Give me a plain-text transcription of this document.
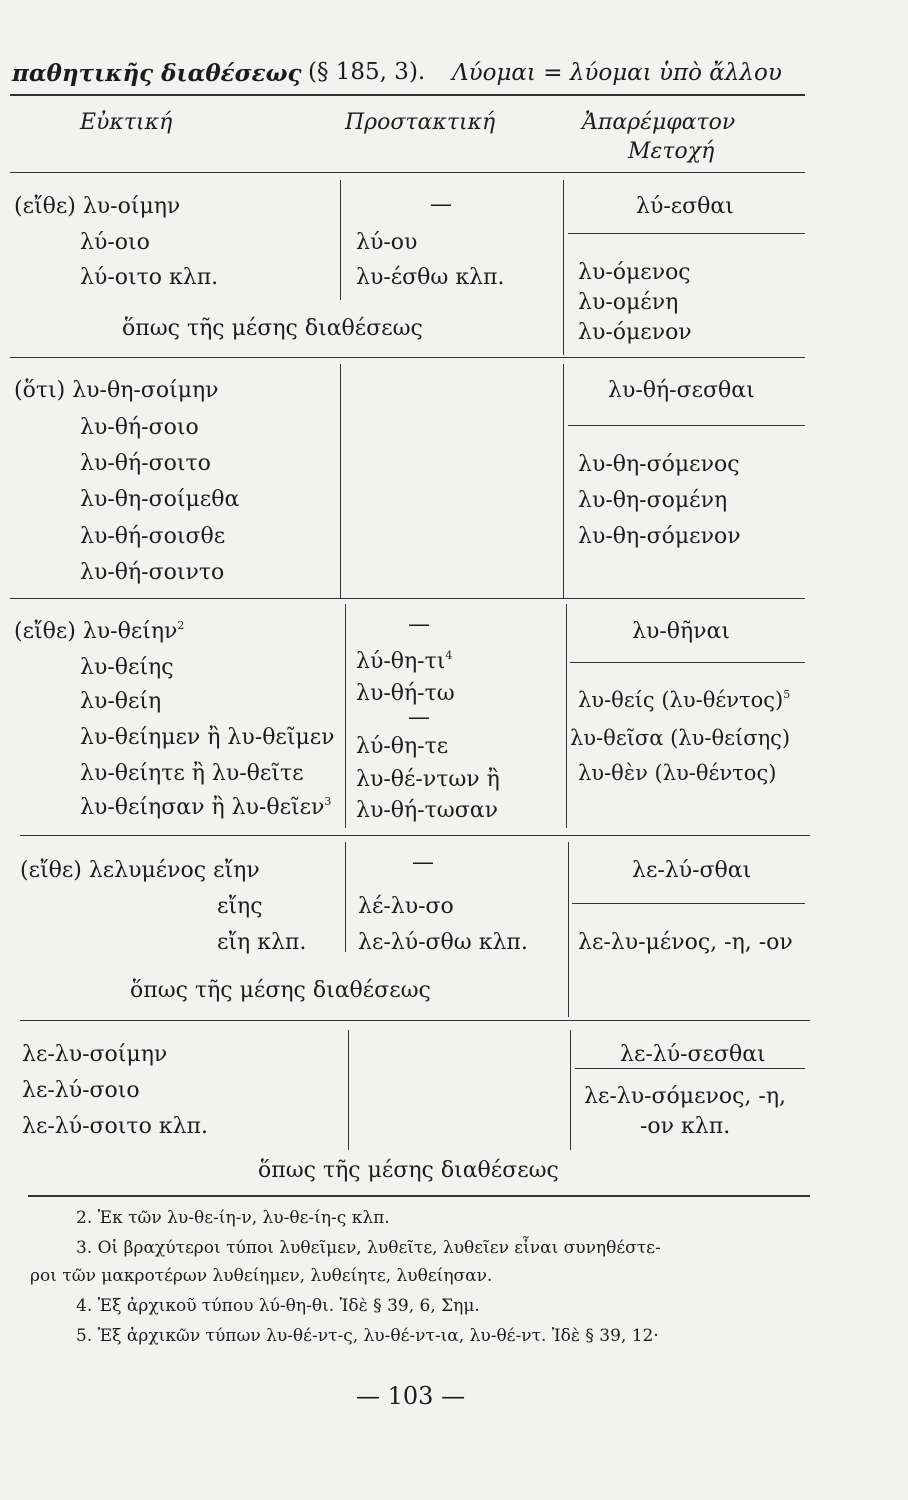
παθητικῆς διαθέσεως (§ 185, 3). Λύομαι = λύομαι ὑπὸ ἄλλου
Εὐκτική	Προστακτική	Ἀπαρέμφατον
Μετοχή
(εἴθε) λυ-οίμην
λύ-οιο
λύ-οιτο κλπ.
—
λύ-ου
λυ-έσθω κλπ.
ὅπως τῆς μέσης διαθέσεως
λύ-εσθαι
λυ-όμενος
λυ-ομένη
λυ-όμενον
(ὅτι) λυ-θη-σοίμην
λυ-θή-σοιο
λυ-θή-σοιτο
λυ-θη-σοίμεθα
λυ-θή-σοισθε
λυ-θή-σοιντο
λυ-θή-σεσθαι
λυ-θη-σόμενος
λυ-θη-σομένη
λυ-θη-σόμενον
(εἴθε) λυ-θείην$^2$
λυ-θείης
λυ-θείη
λυ-θείημεν ἢ λυ-θεῖμεν
λυ-θείητε ἢ λυ-θεῖτε
λυ-θείησαν ἢ λυ-θεῖεν$^3$
—
$\lambda ύ-\theta\eta-\tau\iota^4$
λυ-θή-τω
—
λύ-θη-τε
λυ-θέ-ντων ἢ
λυ-θή-τωσαν
λυ-θῆναι
λυ-θείς $(\lambda\upsilon-\theta έ\nu\tau o\varsigma)^5$
λυ-θεῖσα (λυ-θείσης)
λυ-θὲν (λυ-θέντος)
(εἴθε) λελυμένος εἴην
εἴης
εἴη κλπ.
—
λέ-λυ-σο
λε-λύ-σθω κλπ.
ὅπως τῆς μέσης διαθέσεως
λε-λύ-σθαι
λε-λυ-μένος, -η, -ον
λε-λυ-σοίμην
λε-λύ-σοιο
λε-λύ-σοιτο κλπ.
λε-λύ-σεσθαι
λε-λυ-σόμενος, -η,
-ον κλπ.
ὅπως τῆς μέσης διαθέσεως
2. Ἐκ τῶν λυ-θε-ίη-ν, λυ-θε-ίη-ς κλπ.
3. Οἱ βραχύτεροι τύποι λυθεῖμεν, λυθεῖτε, λυθεῖεν εἶναι συνηθέστε-
ροι τῶν μακροτέρων λυθείημεν, λυθείητε, λυθείησαν.
4. Ἐξ ἀρχικοῦ τύπου λύ-θη-θι. Ἰδὲ § 39, 6, Σημ.
5. Ἐξ ἀρχικῶν τύπων λυ-θέ-ντ-ς, λυ-θέ-ντ-ια, λυ-θέ-ντ. Ἰδὲ § 39, 12·
— 103 —
